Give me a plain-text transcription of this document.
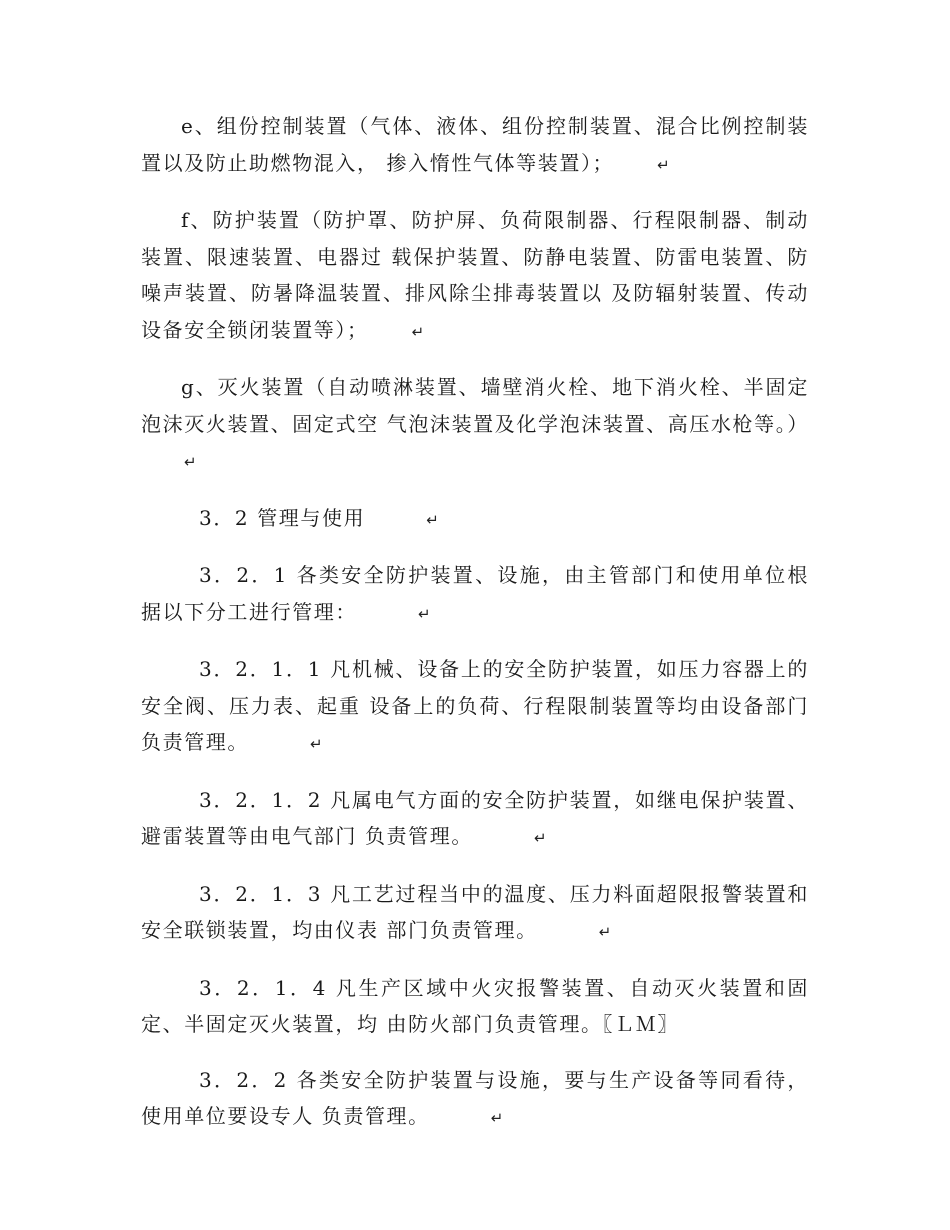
e、组份控制装置（气体、液体、组份控制装置、混合比例控制装置以及防止助燃物混入， 掺入惰性气体等装置）；	↵

f、防护装置（防护罩、防护屏、负荷限制器、行程限制器、制动装置、限速装置、电器过 载保护装置、防静电装置、防雷电装置、防噪声装置、防暑降温装置、排风除尘排毒装置以 及防辐射装置、传动设备安全锁闭装置等）；	↵

g、灭火装置（自动喷淋装置、墙壁消火栓、地下消火栓、半固定泡沫灭火装置、固定式空 气泡沫装置及化学泡沫装置、高压水枪等。）↵

3．2 管理与使用	↵

3．2．1 各类安全防护装置、设施，由主管部门和使用单位根据以下分工进行管理：	↵

3．2．1．1 凡机械、设备上的安全防护装置，如压力容器上的安全阀、压力表、起重 设备上的负荷、行程限制装置等均由设备部门负责管理。	↵

3．2．1．2 凡属电气方面的安全防护装置，如继电保护装置、避雷装置等由电气部门 负责管理。	↵

3．2．1．3 凡工艺过程当中的温度、压力料面超限报警装置和安全联锁装置，均由仪表 部门负责管理。	↵

3．2．1．4 凡生产区域中火灾报警装置、自动灭火装置和固定、半固定灭火装置，均 由防火部门负责管理。〖ＬＭ〗

3．2．2 各类安全防护装置与设施，要与生产设备等同看待，使用单位要设专人 负责管理。	↵
